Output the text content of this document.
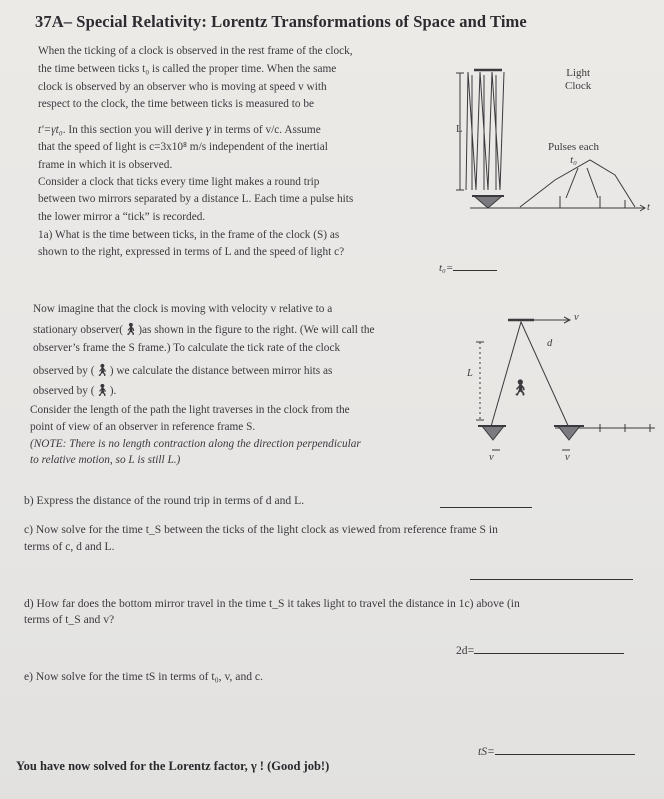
37A– Special Relativity: Lorentz Transformations of Space and Time
When the ticking of a clock is observed in the rest frame of the clock,
the time between ticks t₀ is called the proper time. When the same
clock is observed by an observer who is moving at speed v with
respect to the clock, the time between ticks is measured to be
t'=γt₀. In this section you will derive γ in terms of v/c. Assume
that the speed of light is c=3x10⁸ m/s independent of the inertial
frame in which it is observed.
Consider a clock that ticks every time light makes a round trip
between two mirrors separated by a distance L. Each time a pulse hits
the lower mirror a “tick” is recorded.
1a) What is the time between ticks, in the frame of the clock (S) as
shown to the right, expressed in terms of L and the speed of light c?
L
Light
Clock
Pulses each
t₀
t
t₀=
Now imagine that the clock is moving with velocity v relative to a
stationary observer(🚶︎)as shown in the figure to the right. (We will call the
observer’s frame the S frame.) To calculate the tick rate of the clock
observed by (🚶︎) we calculate the distance between mirror hits as
observed by (🚶︎).
Consider the length of the path the light traverses in the clock from the
point of view of an observer in reference frame S.
(NOTE: There is no length contraction along the direction perpendicular
to relative motion, so L is still L.)
v
d
L
🚶︎
v	v
b) Express the distance of the round trip in terms of d and L.
c) Now solve for the time t_S between the ticks of the light clock as viewed from reference frame S in
terms of c, d and L.
d) How far does the bottom mirror travel in the time t_S it takes light to travel the distance in 1c) above (in
terms of t_S and v?
2d=
e) Now solve for the time tS in terms of t₀, v, and c.
tS=
You have now solved for the Lorentz factor, γ ! (Good job!)
